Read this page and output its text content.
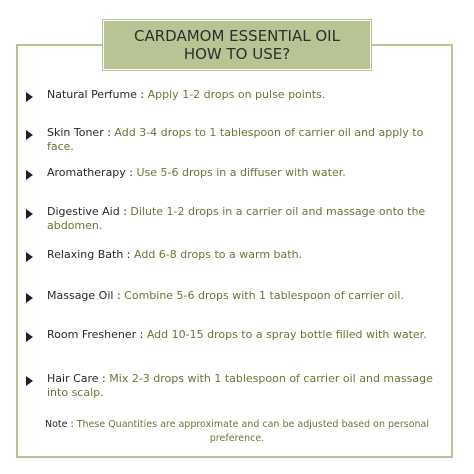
CARDAMOM ESSENTIAL OIL
HOW TO USE?
Natural Perfume : Apply 1-2 drops on pulse points.
Skin Toner : Add 3-4 drops to 1 tablespoon of carrier oil and apply to face.
Aromatherapy : Use 5-6 drops in a diffuser with water.
Digestive Aid : Dilute 1-2 drops in a carrier oil and massage onto the abdomen.
Relaxing Bath : Add 6-8 drops to a warm bath.
Massage Oil : Combine 5-6 drops with 1 tablespoon of carrier oil.
Room Freshener : Add 10-15 drops to a spray bottle filled with water.
Hair Care : Mix 2-3 drops with 1 tablespoon of carrier oil and massage into scalp.
Note : These Quantities are approximate and can be adjusted based on personal preference.
